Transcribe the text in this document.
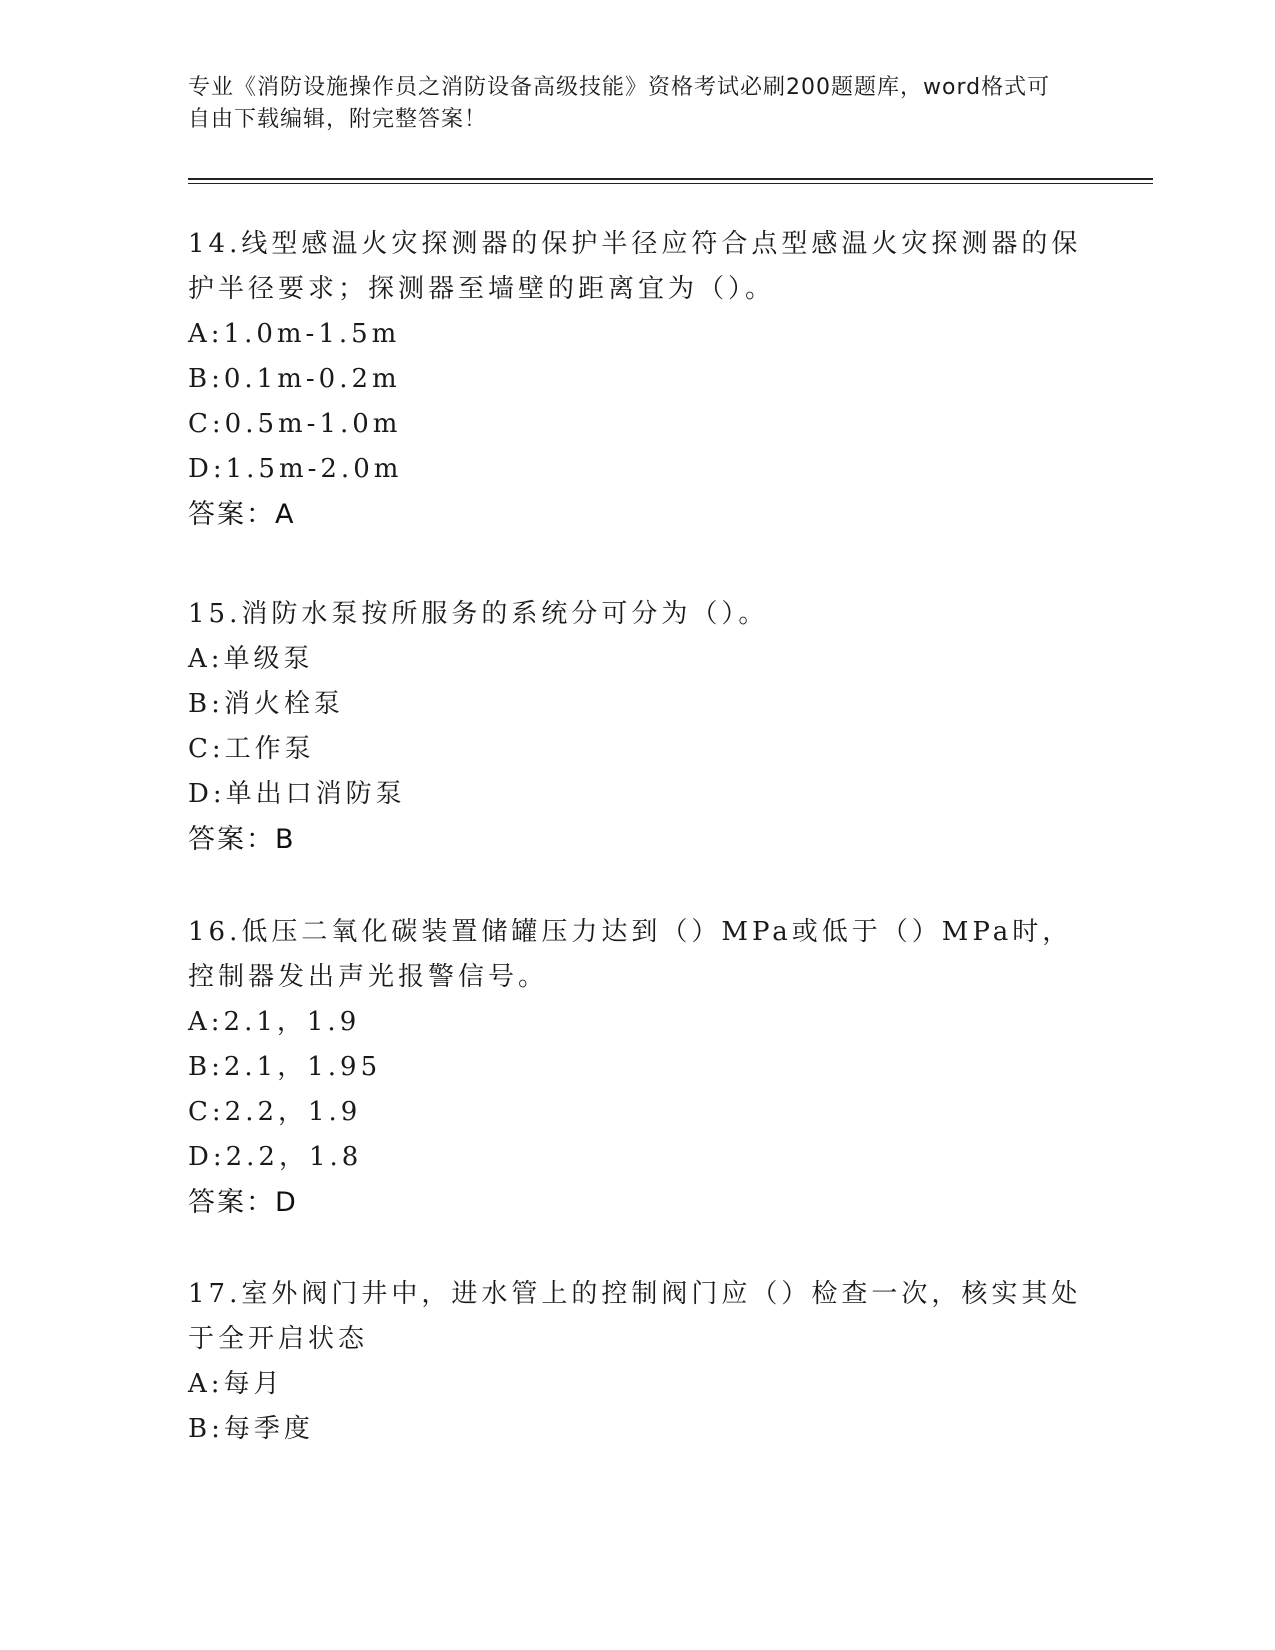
专业《消防设施操作员之消防设备高级技能》资格考试必刷200题题库，word格式可自由下载编辑，附完整答案！

14.线型感温火灾探测器的保护半径应符合点型感温火灾探测器的保护半径要求；探测器至墙壁的距离宜为（）。

A:1.0m-1.5m

B:0.1m-0.2m

C:0.5m-1.0m

D:1.5m-2.0m

答案：A

15.消防水泵按所服务的系统分可分为（）。

A:单级泵

B:消火栓泵

C:工作泵

D:单出口消防泵

答案：B

16.低压二氧化碳装置储罐压力达到（）MPa或低于（）MPa时，控制器发出声光报警信号。

A:2.1，1.9

B:2.1，1.95

C:2.2，1.9

D:2.2，1.8

答案：D

17.室外阀门井中，进水管上的控制阀门应（）检查一次，核实其处于全开启状态

A:每月

B:每季度
